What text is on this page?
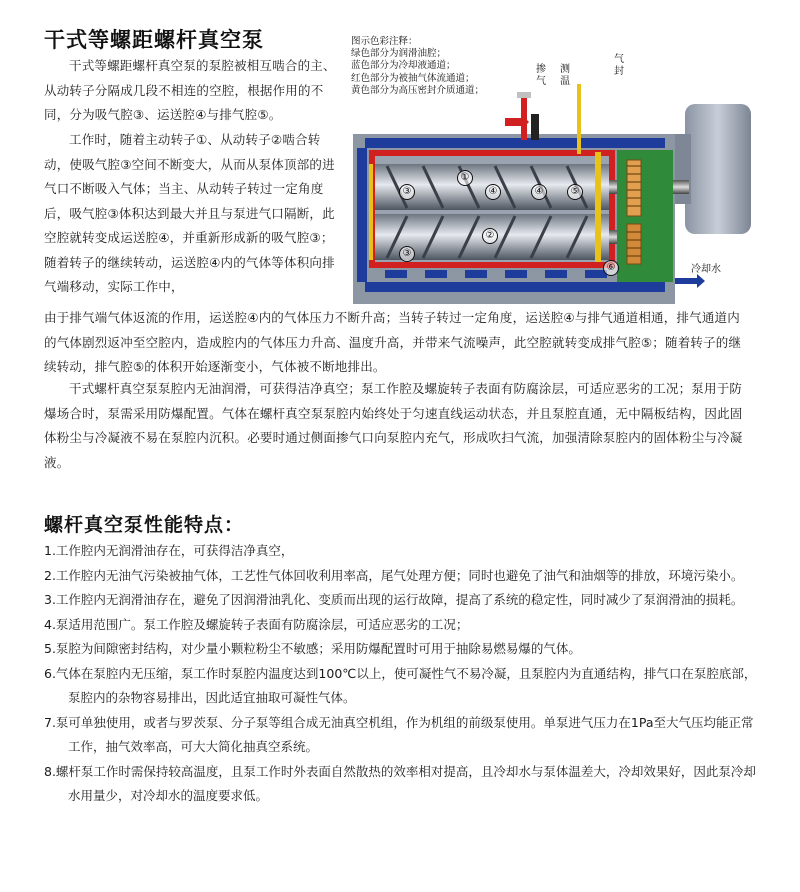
干式等螺距螺杆真空泵

干式等螺距螺杆真空泵的泵腔被相互啮合的主、从动转子分隔成几段不相连的空腔，根据作用的不同，分为吸气腔③、运送腔④与排气腔⑤。

工作时，随着主动转子①、从动转子②啮合转动，使吸气腔③空间不断变大，从而从泵体顶部的进气口不断吸入气体；当主、从动转子转过一定角度后，吸气腔③体积达到最大并且与泵进气口隔断，此空腔就转变成运送腔④，并重新形成新的吸气腔③；随着转子的继续转动，运送腔④内的气体等体积向排气端移动，实际工作中，

由于排气端气体返流的作用，运送腔④内的气体压力不断升高；当转子转过一定角度，运送腔④与排气通道相通，排气通道内的气体剧烈返冲至空腔内，造成腔内的气体压力升高、温度升高，并带来气流噪声，此空腔就转变成排气腔⑤；随着转子的继续转动，排气腔⑤的体积开始逐渐变小，气体被不断地排出。

干式螺杆真空泵泵腔内无油润滑，可获得洁净真空；泵工作腔及螺旋转子表面有防腐涂层，可适应恶劣的工况；泵用于防爆场合时，泵需采用防爆配置。气体在螺杆真空泵泵腔内始终处于匀速直线运动状态，并且泵腔直通，无中隔板结构，因此固体粉尘与冷凝液不易在泵腔内沉积。必要时通过侧面掺气口向泵腔内充气，形成吹扫气流，加强清除泵腔内的固体粉尘与冷凝液。

图示色彩注释：
绿色部分为润滑油腔；
蓝色部分为冷却液通道；
红色部分为被抽气体流通道；
黄色部分为高压密封介质通道；
掺气
测温
气封
冷却水
①
②
③
③
④	④	⑤
⑥
螺杆真空泵性能特点：
1.工作腔内无润滑油存在，可获得洁净真空，
2.工作腔内无油气污染被抽气体，工艺性气体回收利用率高，尾气处理方便；同时也避免了油气和油烟等的排放，环境污染小。
3.工作腔内无润滑油存在，避免了因润滑油乳化、变质而出现的运行故障，提高了系统的稳定性，同时减少了泵润滑油的损耗。
4.泵适用范围广。泵工作腔及螺旋转子表面有防腐涂层，可适应恶劣的工况；
5.泵腔为间隙密封结构，对少量小颗粒粉尘不敏感；采用防爆配置时可用于抽除易燃易爆的气体。
6.气体在泵腔内无压缩，泵工作时泵腔内温度达到100℃以上，使可凝性气不易冷凝，且泵腔内为直通结构，排气口在泵腔底部，泵腔内的杂物容易排出，因此适宜抽取可凝性气体。
7.泵可单独使用，或者与罗茨泵、分子泵等组合成无油真空机组，作为机组的前级泵使用。单泵进气压力在1Pa至大气压均能正常工作，抽气效率高，可大大简化抽真空系统。
8.螺杆泵工作时需保持较高温度，且泵工作时外表面自然散热的效率相对提高，且冷却水与泵体温差大，冷却效果好，因此泵冷却水用量少，对冷却水的温度要求低。
